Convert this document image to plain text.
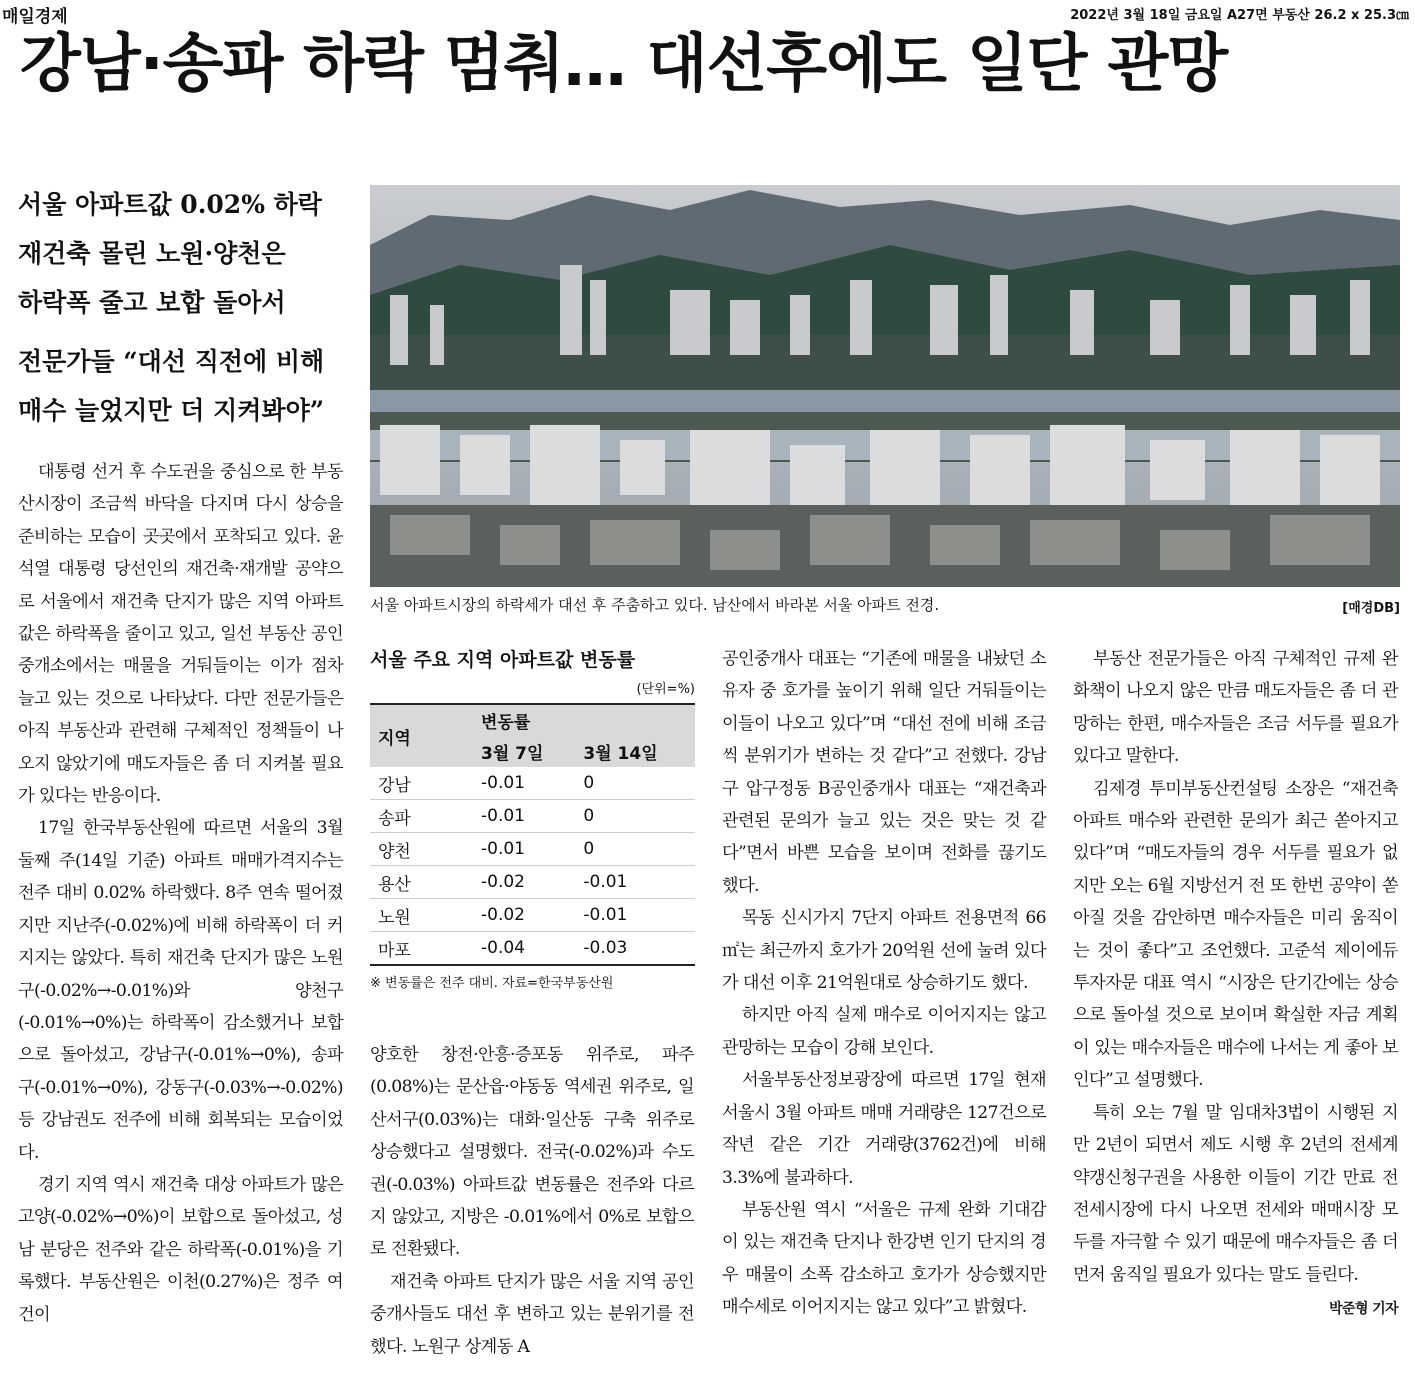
매일경제	2022년 3월 18일 금요일 A27면 부동산 26.2 x 25.3㎝
강남·송파 하락 멈춰… 대선후에도 일단 관망
서울 아파트값 0.02% 하락
재건축 몰린 노원·양천은
하락폭 줄고 보합 돌아서
전문가들 “대선 직전에 비해
매수 늘었지만 더 지켜봐야”

대통령 선거 후 수도권을 중심으로 한 부동산시장이 조금씩 바닥을 다지며 다시 상승을 준비하는 모습이 곳곳에서 포착되고 있다. 윤석열 대통령 당선인의 재건축·재개발 공약으로 서울에서 재건축 단지가 많은 지역 아파트값은 하락폭을 줄이고 있고, 일선 부동산 공인중개소에서는 매물을 거둬들이는 이가 점차 늘고 있는 것으로 나타났다. 다만 전문가들은 아직 부동산과 관련해 구체적인 정책들이 나오지 않았기에 매도자들은 좀 더 지켜볼 필요가 있다는 반응이다.

17일 한국부동산원에 따르면 서울의 3월 둘째 주(14일 기준) 아파트 매매가격지수는 전주 대비 0.02% 하락했다. 8주 연속 떨어졌지만 지난주(-0.02%)에 비해 하락폭이 더 커지지는 않았다. 특히 재건축 단지가 많은 노원구(-0.02%→-0.01%)와 양천구(-0.01%→0%)는 하락폭이 감소했거나 보합으로 돌아섰고, 강남구(-0.01%→0%), 송파구(-0.01%→0%), 강동구(-0.03%→-0.02%) 등 강남권도 전주에 비해 회복되는 모습이었다.

경기 지역 역시 재건축 대상 아파트가 많은 고양(-0.02%→0%)이 보합으로 돌아섰고, 성남 분당은 전주와 같은 하락폭(-0.01%)을 기록했다. 부동산원은 이천(0.27%)은 정주 여건이

서울 아파트시장의 하락세가 대선 후 주춤하고 있다. 남산에서 바라본 서울 아파트 전경.	[매경DB]
서울 주요 지역 아파트값 변동률
(단위=%)
지역	변동률	
	3월 7일	3월 14일
강남	-0.01	0
송파	-0.01	0
양천	-0.01	0
용산	-0.02	-0.01
노원	-0.02	-0.01
마포	-0.04	-0.03
※ 변동률은 전주 대비. 자료=한국부동산원

양호한 창전·안흥·증포동 위주로, 파주(0.08%)는 문산읍·야동동 역세권 위주로, 일산서구(0.03%)는 대화·일산동 구축 위주로 상승했다고 설명했다. 전국(-0.02%)과 수도권(-0.03%) 아파트값 변동률은 전주와 다르지 않았고, 지방은 -0.01%에서 0%로 보합으로 전환됐다.

재건축 아파트 단지가 많은 서울 지역 공인중개사들도 대선 후 변하고 있는 분위기를 전했다. 노원구 상계동 A

공인중개사 대표는 “기존에 매물을 내놨던 소유자 중 호가를 높이기 위해 일단 거둬들이는 이들이 나오고 있다”며 “대선 전에 비해 조금씩 분위기가 변하는 것 같다”고 전했다. 강남구 압구정동 B공인중개사 대표는 “재건축과 관련된 문의가 늘고 있는 것은 맞는 것 같다”면서 바쁜 모습을 보이며 전화를 끊기도 했다.

목동 신시가지 7단지 아파트 전용면적 66㎡는 최근까지 호가가 20억원 선에 눌려 있다가 대선 이후 21억원대로 상승하기도 했다.

하지만 아직 실제 매수로 이어지지는 않고 관망하는 모습이 강해 보인다.

서울부동산정보광장에 따르면 17일 현재 서울시 3월 아파트 매매 거래량은 127건으로 작년 같은 기간 거래량(3762건)에 비해 3.3%에 불과하다.

부동산원 역시 “서울은 규제 완화 기대감이 있는 재건축 단지나 한강변 인기 단지의 경우 매물이 소폭 감소하고 호가가 상승했지만 매수세로 이어지지는 않고 있다”고 밝혔다.

부동산 전문가들은 아직 구체적인 규제 완화책이 나오지 않은 만큼 매도자들은 좀 더 관망하는 한편, 매수자들은 조금 서두를 필요가 있다고 말한다.

김제경 투미부동산컨설팅 소장은 “재건축 아파트 매수와 관련한 문의가 최근 쏟아지고 있다”며 “매도자들의 경우 서두를 필요가 없지만 오는 6월 지방선거 전 또 한번 공약이 쏟아질 것을 감안하면 매수자들은 미리 움직이는 것이 좋다”고 조언했다. 고준석 제이에듀투자자문 대표 역시 “시장은 단기간에는 상승으로 돌아설 것으로 보이며 확실한 자금 계획이 있는 매수자들은 매수에 나서는 게 좋아 보인다”고 설명했다.

특히 오는 7월 말 임대차3법이 시행된 지 만 2년이 되면서 제도 시행 후 2년의 전세계약갱신청구권을 사용한 이들이 기간 만료 전 전세시장에 다시 나오면 전세와 매매시장 모두를 자극할 수 있기 때문에 매수자들은 좀 더 먼저 움직일 필요가 있다는 말도 들린다.

박준형 기자
